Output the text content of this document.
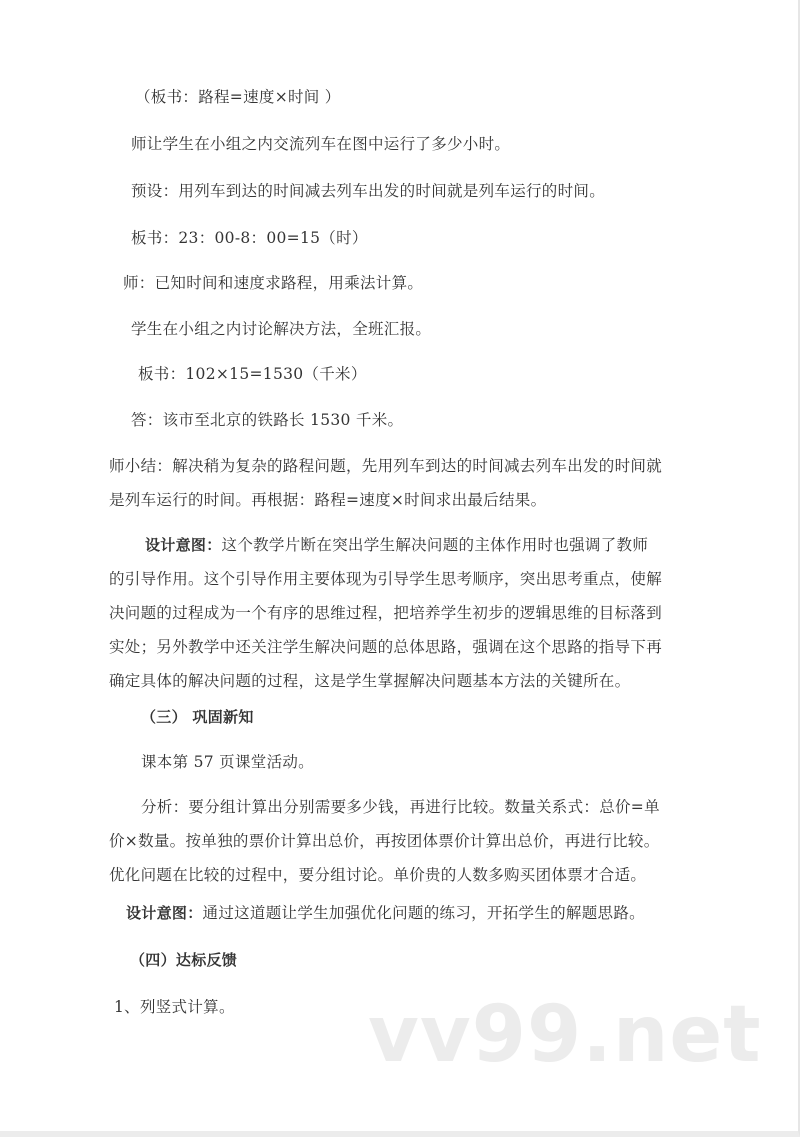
（板书：路程=速度×时间 ）
师让学生在小组之内交流列车在图中运行了多少小时。
预设：用列车到达的时间减去列车出发的时间就是列车运行的时间。
板书：23：00-8：00=15（时）
师：已知时间和速度求路程，用乘法计算。
学生在小组之内讨论解决方法，全班汇报。
板书：102×15=1530（千米）
答：该市至北京的铁路长 1530 千米。
师小结：解决稍为复杂的路程问题，先用列车到达的时间减去列车出发的时间就
是列车运行的时间。再根据：路程=速度×时间求出最后结果。
设计意图：这个教学片断在突出学生解决问题的主体作用时也强调了教师
的引导作用。这个引导作用主要体现为引导学生思考顺序，突出思考重点，使解
决问题的过程成为一个有序的思维过程，把培养学生初步的逻辑思维的目标落到
实处；另外教学中还关注学生解决问题的总体思路，强调在这个思路的指导下再
确定具体的解决问题的过程，这是学生掌握解决问题基本方法的关键所在。
（三） 巩固新知
课本第 57 页课堂活动。
分析：要分组计算出分别需要多少钱，再进行比较。数量关系式：总价=单
价×数量。按单独的票价计算出总价，再按团体票价计算出总价，再进行比较。
优化问题在比较的过程中，要分组讨论。单价贵的人数多购买团体票才合适。
设计意图：通过这道题让学生加强优化问题的练习，开拓学生的解题思路。
（四）达标反馈
1、列竖式计算。 vv99.net
